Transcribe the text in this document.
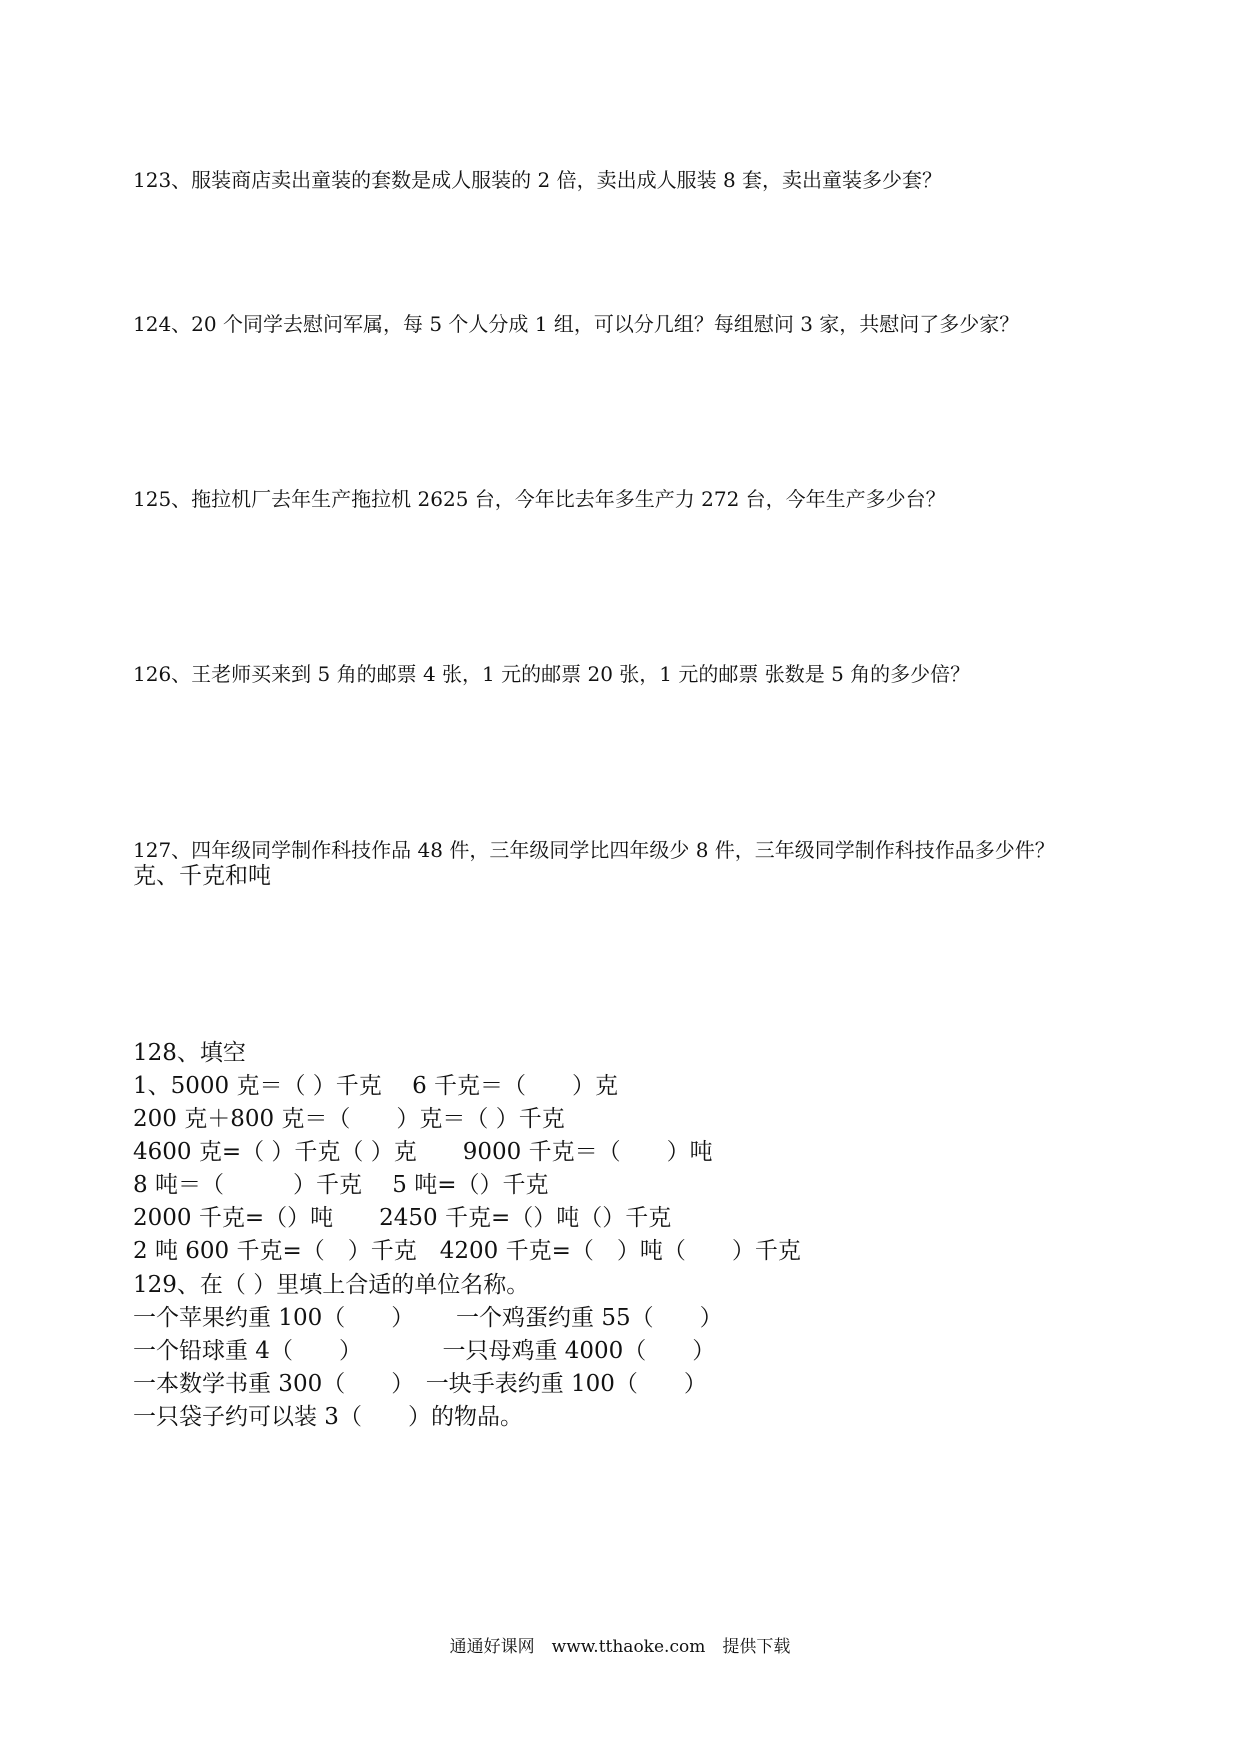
123、服装商店卖出童装的套数是成人服装的 2 倍，卖出成人服装 8 套，卖出童装多少套？

124、20 个同学去慰问军属，每 5 个人分成 1 组，可以分几组？每组慰问 3 家，共慰问了多少家？

125、拖拉机厂去年生产拖拉机 2625 台，今年比去年多生产力 272 台，今年生产多少台？

126、王老师买来到 5 角的邮票 4 张，1 元的邮票 20 张，1 元的邮票 张数是 5 角的多少倍？

127、四年级同学制作科技作品 48 件，三年级同学比四年级少 8 件，三年级同学制作科技作品多少件？

克、千克和吨

128、填空
1、5000 克＝（ ）千克　 6 千克＝（　　）克
200 克＋800 克＝（　　）克＝（ ）千克
4600 克=（ ）千克（ ）克　　9000 千克＝（　　）吨
8 吨＝（　　　）千克　 5 吨=（）千克
2000 千克=（）吨　　2450 千克=（）吨（）千克
2 吨 600 千克=（　）千克　4200 千克=（　）吨（　　）千克
129、在（ ）里填上合适的单位名称。
一个苹果约重 100（　　）　　 一个鸡蛋约重 55（　　）
一个铅球重 4（　　）　　　　一只母鸡重 4000（　　）
一本数学书重 300（　　）　一块手表约重 100（　　）
一只袋子约可以装 3（　　）的物品。
通通好课网　www.tthaoke.com　提供下载
